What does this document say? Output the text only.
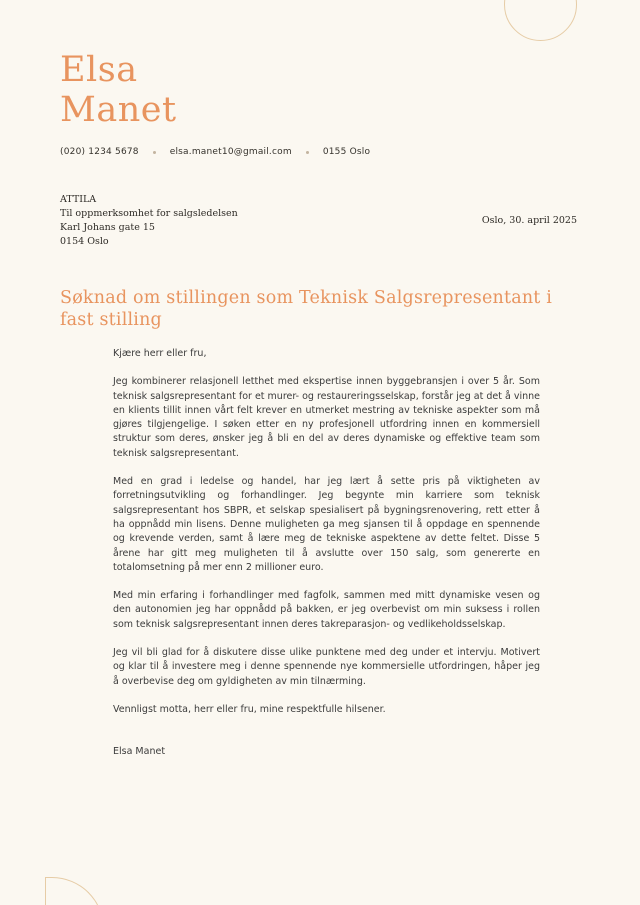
Elsa
Manet
(020) 1234 5678	elsa.manet10@gmail.com	0155 Oslo
ATTILA
Til oppmerksomhet for salgsledelsen
Karl Johans gate 15
0154 Oslo
Oslo, 30. april 2025
Søknad om stillingen som Teknisk Salgsrepresentant i fast stilling
Kjære herr eller fru,

Jeg kombinerer relasjonell letthet med ekspertise innen byggebransjen i over 5 år. Som teknisk salgsrepresentant for et murer- og restaureringsselskap, forstår jeg at det å vinne en klients tillit innen vårt felt krever en utmerket mestring av tekniske aspekter som må gjøres tilgjengelige. I søken etter en ny profesjonell utfordring innen en kommersiell struktur som deres, ønsker jeg å bli en del av deres dynamiske og effektive team som teknisk salgsrepresentant.

Med en grad i ledelse og handel, har jeg lært å sette pris på viktigheten av forretningsutvikling og forhandlinger. Jeg begynte min karriere som teknisk salgsrepresentant hos SBPR, et selskap spesialisert på bygningsrenovering, rett etter å ha oppnådd min lisens. Denne muligheten ga meg sjansen til å oppdage en spennende og krevende verden, samt å lære meg de tekniske aspektene av dette feltet. Disse 5 årene har gitt meg muligheten til å avslutte over 150 salg, som genererte en totalomsetning på mer enn 2 millioner euro.

Med min erfaring i forhandlinger med fagfolk, sammen med mitt dynamiske vesen og den autonomien jeg har oppnådd på bakken, er jeg overbevist om min suksess i rollen som teknisk salgsrepresentant innen deres takreparasjon- og vedlikeholdsselskap.

Jeg vil bli glad for å diskutere disse ulike punktene med deg under et intervju. Motivert og klar til å investere meg i denne spennende nye kommersielle utfordringen, håper jeg å overbevise deg om gyldigheten av min tilnærming.

Vennligst motta, herr eller fru, mine respektfulle hilsener.
Elsa Manet
